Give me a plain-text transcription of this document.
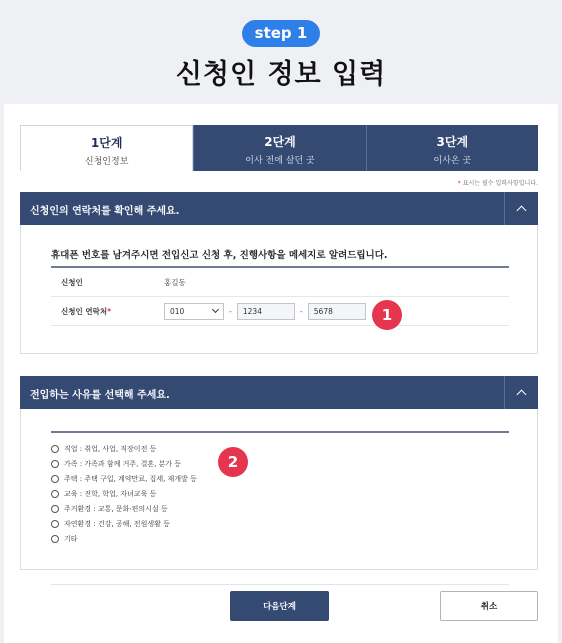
step 1
신청인 정보 입력
1단계
신청인정보
2단계
이사 전에 살던 곳
3단계
이사온 곳
* 표시는 필수 입력사항입니다.
신청인의 연락처를 확인해 주세요.
휴대폰 번호를 남겨주시면 전입신고 신청 후, 진행사항을 메세지로 알려드립니다.
신청인	홍길동
신청인 연락처*	010	-	1234	-	5678	1
전입하는 사유를 선택해 주세요.
직업 : 취업, 사업, 직장이전 등
가족 : 가족과 함께 거주, 결혼, 분가 등
주택 : 주택 구입, 계약만료, 집세, 재개발 등
교육 : 진학, 학업, 자녀교육 등
주거환경 : 교통, 문화·편의시설 등
자연환경 : 건강, 공해, 전원생활 등
기타
2
다음단계	취소
